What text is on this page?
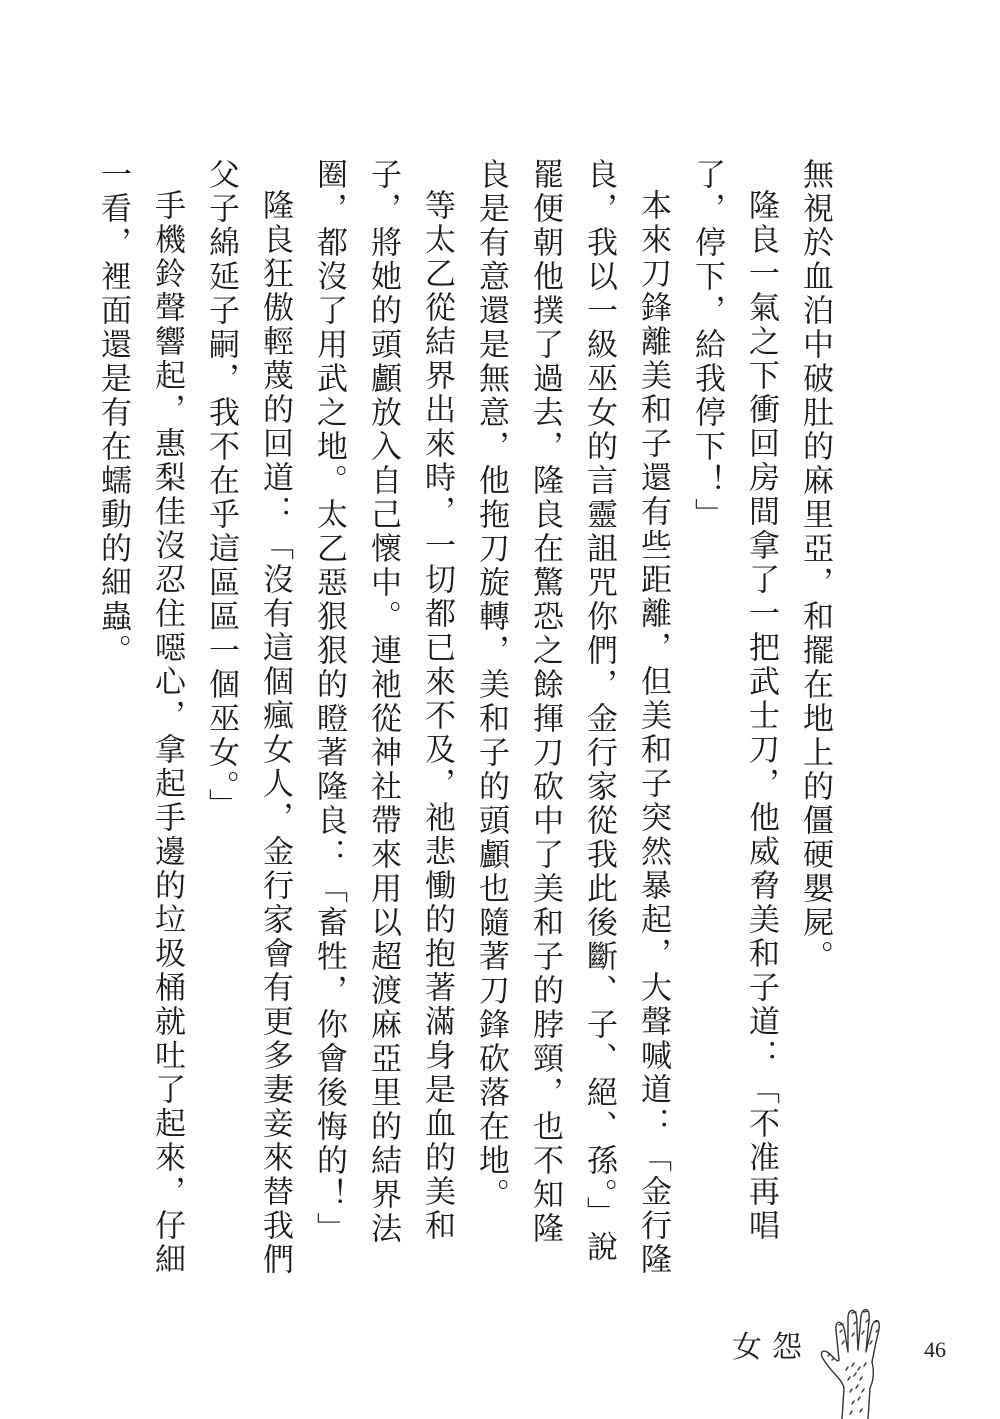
無視於血泊中破肚的麻里亞，和擺在地上的僵硬嬰屍。

隆良一氣之下衝回房間拿了一把武士刀，他威脅美和子道：「不准再唱了，停下，給我停下！」

本來刀鋒離美和子還有些距離，但美和子突然暴起，大聲喊道：「金行隆良，我以一級巫女的言靈詛咒你們，金行家從我此後斷、子、絕、孫。」說罷便朝他撲了過去，隆良在驚恐之餘揮刀砍中了美和子的脖頸，也不知隆良是有意還是無意，他拖刀旋轉，美和子的頭顱也隨著刀鋒砍落在地。

等太乙從結界出來時，一切都已來不及，祂悲慟的抱著滿身是血的美和子，將她的頭顱放入自己懷中。連祂從神社帶來用以超渡麻亞里的結界法圈，都沒了用武之地。太乙惡狠狠的瞪著隆良：「畜牲，你會後悔的！」

隆良狂傲輕蔑的回道：「沒有這個瘋女人，金行家會有更多妻妾來替我們父子綿延子嗣，我不在乎這區區一個巫女。」

手機鈴聲響起，惠梨佳沒忍住噁心，拿起手邊的垃圾桶就吐了起來，仔細一看，裡面還是有在蠕動的細蟲。

女怨	46
